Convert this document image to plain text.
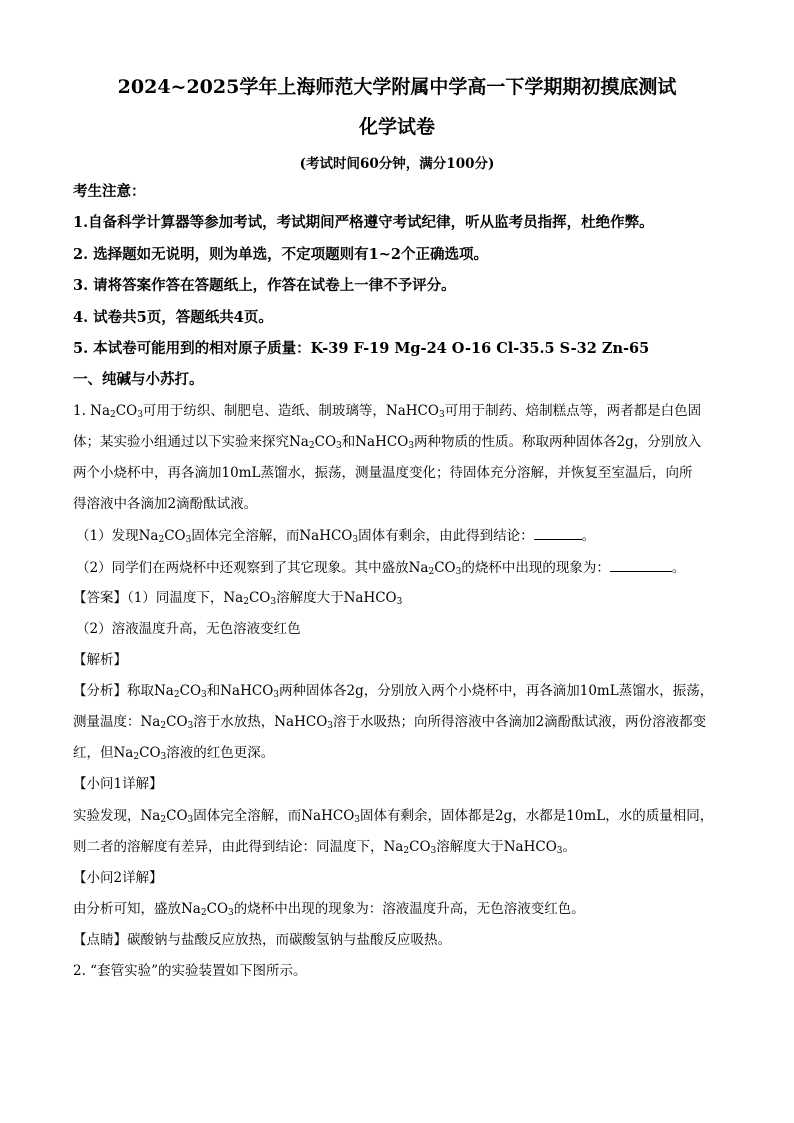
2024~2025学年上海师范大学附属中学高一下学期期初摸底测试
化学试卷
(考试时间60分钟，满分100分)
考生注意：
1.自备科学计算器等参加考试，考试期间严格遵守考试纪律，听从监考员指挥，杜绝作弊。
2. 选择题如无说明，则为单选，不定项题则有1~2个正确选项。
3. 请将答案作答在答题纸上，作答在试卷上一律不予评分。
4. 试卷共5页，答题纸共4页。
5. 本试卷可能用到的相对原子质量：K-39 F-19 Mg-24 O-16 Cl-35.5 S-32 Zn-65
一、纯碱与小苏打。
1. $Na_2CO_3$可用于纺织、制肥皂、造纸、制玻璃等，NaHCO$_3$可用于制药、焙制糕点等，两者都是白色固
体；某实验小组通过以下实验来探究$Na_2CO_3$和NaHCO$_3$两种物质的性质。称取两种固体各2g，分别放入
两个小烧杯中，再各滴加10mL蒸馏水，振荡，测量温度变化；待固体充分溶解，并恢复至室温后，向所
得溶液中各滴加2滴酚酞试液。
（1）发现$Na_2CO_3$固体完全溶解，而NaHCO$_3$固体有剩余，由此得到结论：	。
（2）同学们在两烧杯中还观察到了其它现象。其中盛放$Na_2CO_3$的烧杯中出现的现象为：	。
【答案】（1）同温度下，$Na_2CO_3$溶解度大于NaHCO$_3$
（2）溶液温度升高，无色溶液变红色
【解析】
【分析】称取$Na_2CO_3$和NaHCO$_3$两种固体各2g，分别放入两个小烧杯中，再各滴加10mL蒸馏水，振荡，
测量温度：$Na_2CO_3$溶于水放热，NaHCO$_3$溶于水吸热；向所得溶液中各滴加2滴酚酞试液，两份溶液都变
红，但$Na_2CO_3$溶液的红色更深。
【小问1详解】
实验发现，$Na_2CO_3$固体完全溶解，而NaHCO$_3$固体有剩余，固体都是2g，水都是10mL，水的质量相同，
则二者的溶解度有差异，由此得到结论：同温度下，$Na_2CO_3$溶解度大于NaHCO$_3$。
【小问2详解】
由分析可知，盛放$Na_2CO_3$的烧杯中出现的现象为：溶液温度升高，无色溶液变红色。
【点睛】碳酸钠与盐酸反应放热，而碳酸氢钠与盐酸反应吸热。
2. “套管实验”的实验装置如下图所示。
